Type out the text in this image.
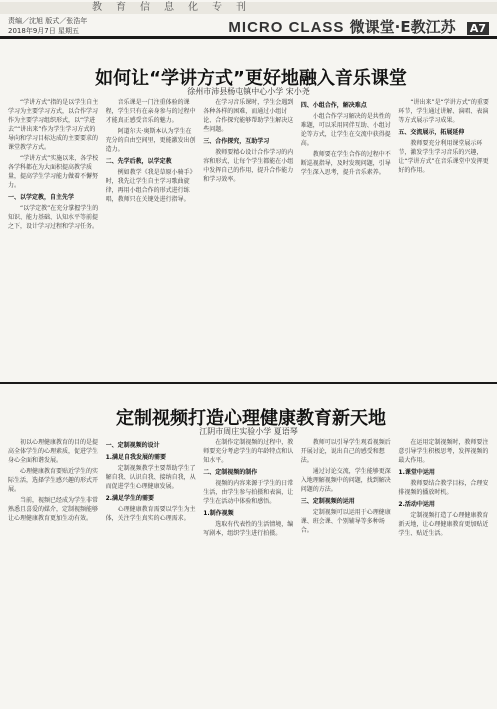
教育信息化专刊
责编／沈旭 版式／张浩年
2018年9月7日 星期五	MICRO CLASS 微课堂·E教江苏 A7
如何让“学讲方式”更好地融入音乐课堂
徐州市沛县杨屯镇中心小学 宋小尧

“学讲方式”指的是以学生自主学习为主要学习方式，以合作学习作为主要学习组织形式，以“学进去”“讲出来”作为学生学习方式的导向和学习目标达成的主要要求的课堂教学方式。

“学讲方式”实施以来，各学校各学科都在为大面积提高教学质量，提高学生学习能力做着不懈努力。

一、以学定教，自主先学

“以学定教”在充分掌握学生的知识、能力基础、认知水平等前提之下，设计学习过程和学习任务。

音乐课是一门注重体验的课程，学生只有在亲身参与的过程中才能真正感受音乐的魅力。

阿道尔夫·奥斯本认为学生在充分的自由空间里，更能激发出创造力。

二、先学后教，以学定教

例如教学《我是草原小骑手》时，我先让学生自主学习歌曲旋律，再用小组合作的形式进行练唱，教师只在关键处进行指导。

在学习音乐课时，学生会遇到各种各样的困难，而通过小组讨论、合作探究能够帮助学生解决这些问题。

三、合作探究，互助学习

教师要精心设计合作学习的内容和形式，让每个学生都能在小组中发挥自己的作用，提升合作能力和学习效率。

四、小组合作，解决难点

小组合作学习解决的是共性的难题，可以采用同伴互助、小组讨论等方式，让学生在交流中获得提高。

教师要在学生合作的过程中不断巡视指导，及时发现问题，引导学生深入思考，提升音乐素养。

“讲出来”是“学讲方式”的重要环节，学生通过讲解、演唱、表演等方式展示学习成果。

五、交流展示，拓展延伸

教师要充分利用课堂展示环节，激发学生学习音乐的兴趣，让“学讲方式”在音乐课堂中发挥更好的作用。

定制视频打造心理健康教育新天地
江阴市周庄实验小学 夏语琴

初以心理健康教育的目的是提高全体学生的心理素质，促进学生身心全面和谐发展。

心理健康教育要贴近学生的实际生活，选择学生感兴趣的形式开展。

当前，视频已经成为学生非常熟悉且喜爱的媒介，定制视频能够让心理健康教育更加生动有效。

一、定制视频的设计

1.满足自我发展的需要

定制视频教学主要帮助学生了解自我、认识自我、接纳自我，从而促进学生心理健康发展。

2.满足学生的需要

心理健康教育需要以学生为主体，关注学生真实的心理需求。

在制作定制视频的过程中，教师要充分考虑学生的年龄特点和认知水平。

二、定制视频的制作

视频的内容来源于学生的日常生活，由学生参与拍摄和表演，让学生在活动中体验和感悟。

1.制作视频

选取有代表性的生活情境，编写剧本，组织学生进行拍摄。

教师可以引导学生观看视频后开展讨论，说出自己的感受和想法。

通过讨论交流，学生能够更深入地理解视频中的问题，找到解决问题的方法。

三、定制视频的运用

定制视频可以运用于心理健康课、班会课、个别辅导等多种场合。

在运用定制视频时，教师要注意引导学生积极思考，发挥视频的最大作用。

1.课堂中运用

教师要结合教学目标，合理安排视频的播放时机。

2.活动中运用

定制视频打造了心理健康教育新天地，让心理健康教育更加贴近学生、贴近生活。
